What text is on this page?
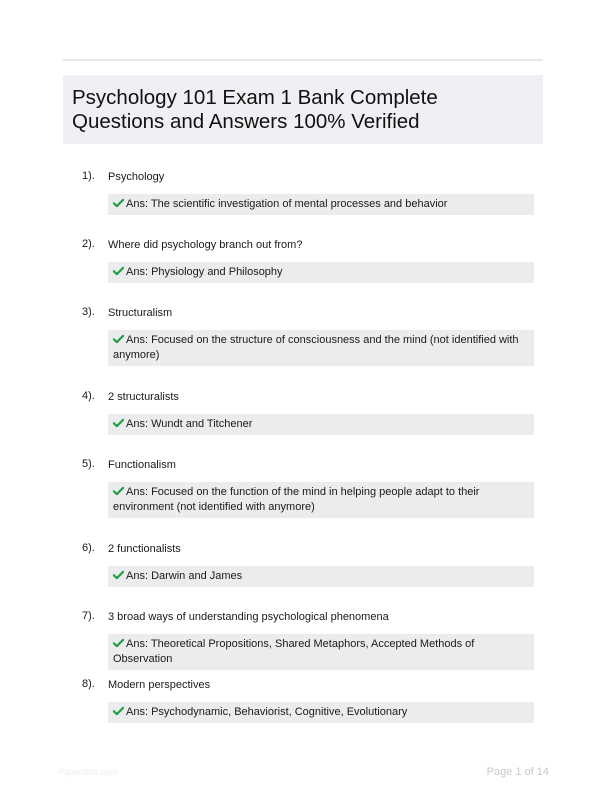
Psychology 101 Exam 1 Bank Complete
Questions and Answers 100% Verified
1). Psychology
Ans: The scientific investigation of mental processes and behavior
2). Where did psychology branch out from?
Ans: Physiology and Philosophy
3). Structuralism
Ans: Focused on the structure of consciousness and the mind (not identified with anymore)
4). 2 structuralists
Ans: Wundt and Titchener
5). Functionalism
Ans: Focused on the function of the mind in helping people adapt to their environment (not identified with anymore)
6). 2 functionalists
Ans: Darwin and James
7). 3 broad ways of understanding psychological phenomena
Ans: Theoretical Propositions, Shared Metaphors, Accepted Methods of Observation
8). Modern perspectives
Ans: Psychodynamic, Behaviorist, Cognitive, Evolutionary
Paperlibio.com	Page 1 of 14
